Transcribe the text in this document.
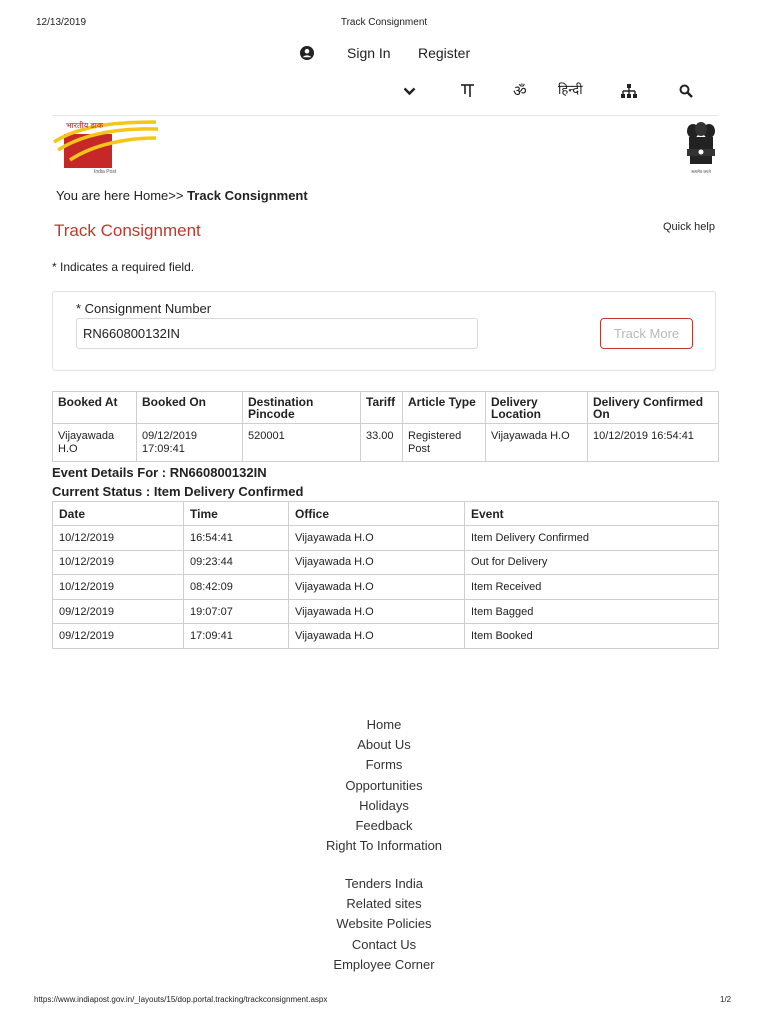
12/13/2019	Track Consignment
Sign In Register
ॐ हिन्दी
भारतीय डाक
India Post	सत्यमेव जयते
You are here Home>> Track Consignment
Track Consignment	Quick help
* Indicates a required field.
* Consignment Number
RN660800132IN
Track More
Booked At	Booked On	Destination Pincode	Tariff	Article Type	Delivery Location	Delivery Confirmed On
Vijayawada H.O	09/12/2019 17:09:41	520001	33.00	Registered Post	Vijayawada H.O	10/12/2019 16:54:41
Event Details For : RN660800132IN
Current Status : Item Delivery Confirmed
Date	Time	Office	Event
10/12/2019	16:54:41	Vijayawada H.O	Item Delivery Confirmed
10/12/2019	09:23:44	Vijayawada H.O	Out for Delivery
10/12/2019	08:42:09	Vijayawada H.O	Item Received
09/12/2019	19:07:07	Vijayawada H.O	Item Bagged
09/12/2019	17:09:41	Vijayawada H.O	Item Booked
Home
About Us
Forms
Opportunities
Holidays
Feedback
Right To Information
Tenders India
Related sites
Website Policies
Contact Us
Employee Corner
https://www.indiapost.gov.in/_layouts/15/dop.portal.tracking/trackconsignment.aspx	1/2
